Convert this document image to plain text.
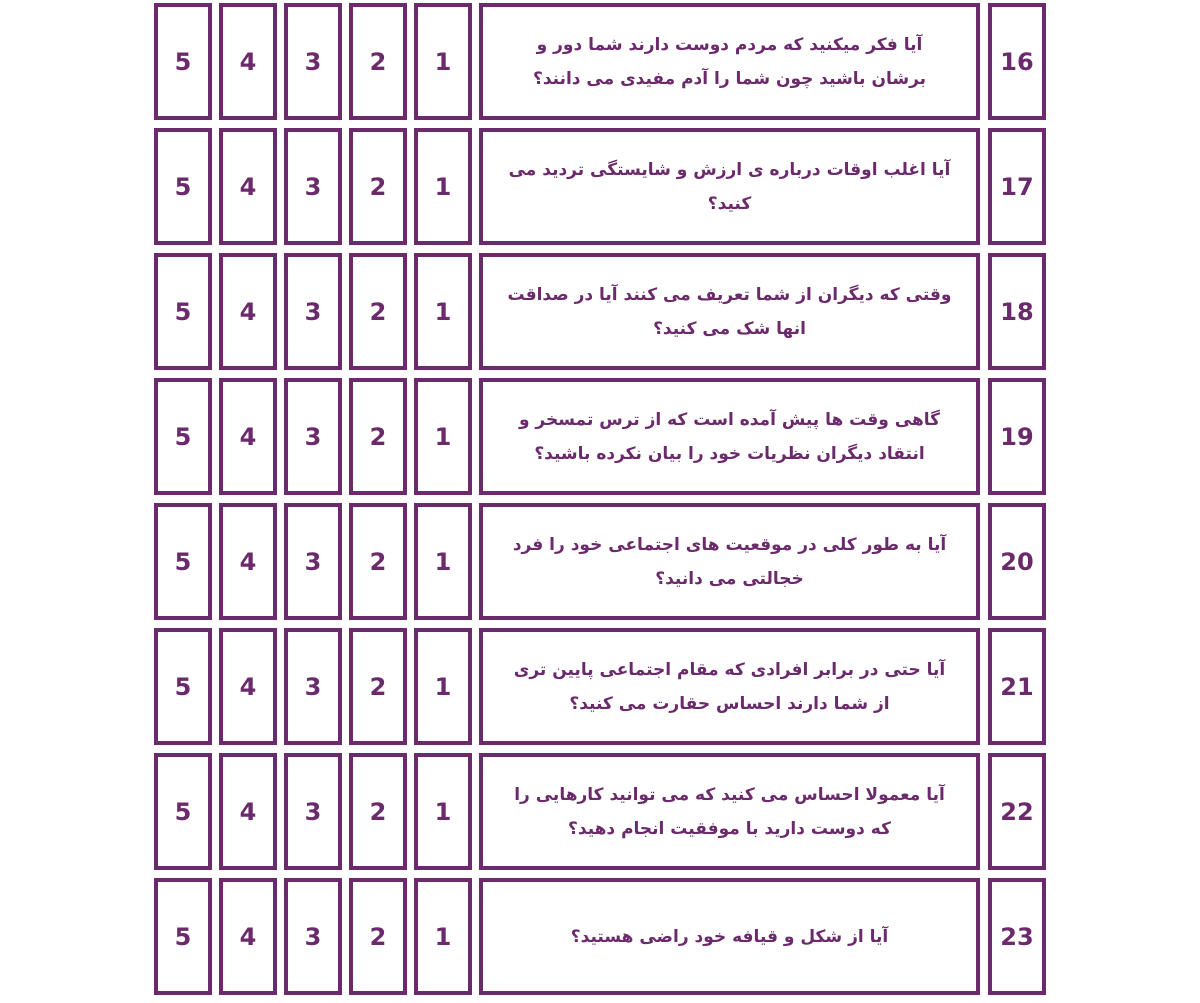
5 4 3 2 1
آیا فکر میکنید که مردم دوست دارند شما دور و برشان باشید چون شما را آدم مفیدی می دانند؟
16
5 4 3 2 1
آیا اغلب اوقات درباره ی ارزش و شایستگی تردید می کنید؟
17
5 4 3 2 1
وقتی که دیگران از شما تعریف می کنند آیا در صداقت انها شک می کنید؟
18
5 4 3 2 1
گاهی وقت ها پیش آمده است که از ترس تمسخر و انتقاد دیگران نظریات خود را بیان نکرده باشید؟
19
5 4 3 2 1
آیا به طور کلی در موقعیت های اجتماعی خود را فرد خجالتی می دانید؟
20
5 4 3 2 1
آیا حتی در برابر افرادی که مقام اجتماعی پایین تری از شما دارند احساس حقارت می کنید؟
21
5 4 3 2 1
آیا معمولا احساس می کنید که می توانید کارهایی را که دوست دارید با موفقیت انجام دهید؟
22
5 4 3 2 1	آیا از شکل و قیافه خود راضی هستید؟	23
